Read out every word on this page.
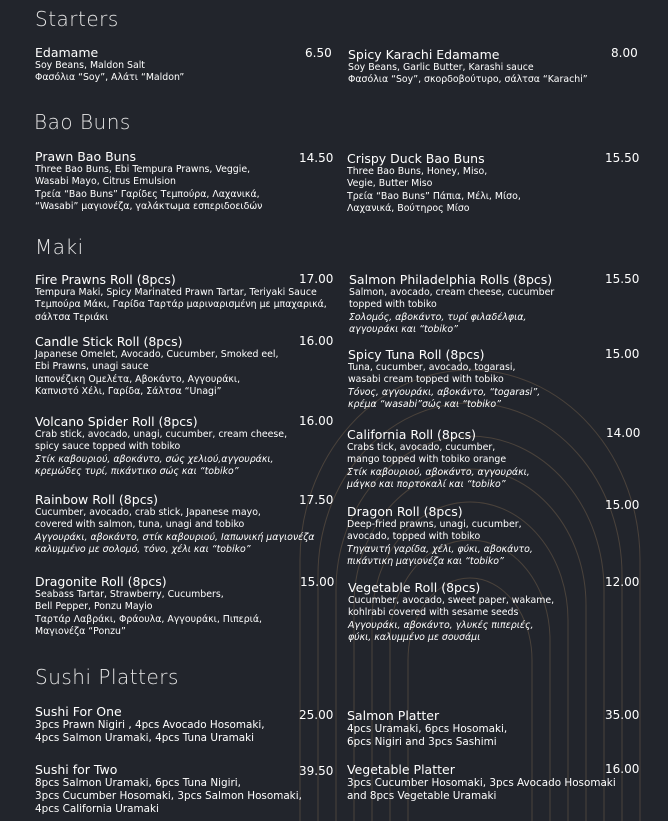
Starters
Bao Buns
Maki
Sushi Platters
Edamame
Soy Beans, Maldon Salt
Φασόλια “Soy”, Αλάτι “Maldon”
6.50 Spicy Karachi Edamame
Soy Beans, Garlic Butter, Karashi sauce
Φασόλια “Soy”, σκορδοβούτυρο, σάλτσα “Karachi”
8.00
Prawn Bao Buns
Three Bao Buns, Ebi Tempura Prawns, Veggie,
Wasabi Mayo, Citrus Emulsion
Τρεία “Bao Buns” Γαρίδες Τεμπούρα, Λαχανικά,
“Wasabi” μαγιονέζα, γαλάκτωμα εσπεριδοειδών
14.50 Crispy Duck Bao Buns
Three Bao Buns, Honey, Miso,
Vegie, Butter Miso
Τρεία “Bao Buns” Πάπια, Μέλι, Μίσο,
Λαχανικά, Βούτηρος Μίσο
15.50
Fire Prawns Roll (8pcs)
Tempura Maki, Spicy Marinated Prawn Tartar, Teriyaki Sauce
Τεμπούρα Μάκι, Γαρίδα Ταρτάρ μαριναρισμένη με μπαχαρικά,
σάλτσα Τεριάκι
17.00
Candle Stick Roll (8pcs)
Japanese Omelet, Avocado, Cucumber, Smoked eel,
Ebi Prawns, unagi sauce
Ιαπονέζικη Ομελέτα, Αβοκάντο, Αγγουράκι,
Καπνιστό Χέλι, Γαρίδα, Σάλτσα “Unagi”
16.00
Volcano Spider Roll (8pcs)
Crab stick, avocado, unagi, cucumber, cream cheese,
spicy sauce topped with tobiko
Στίκ καβουριού, αβοκάντο, σώς χελιού,αγγουράκι,
κρεμώδες τυρί, πικάντικο σώς και “tobiko”
16.00
Rainbow Roll (8pcs)
Cucumber, avocado, crab stick, Japanese mayo,
covered with salmon, tuna, unagi and tobiko
Αγγουράκι, αβοκάντο, στίκ καβουριού, Ιαπωνική μαγιονέζα
καλυμμένο με σολομό, τόνο, χέλι και “tobiko”
17.50
Dragonite Roll (8pcs)
Seabass Tartar, Strawberry, Cucumbers,
Bell Pepper, Ponzu Mayio
Ταρτάρ Λαβράκι, Φράουλα, Αγγουράκι, Πιπεριά,
Μαγιονέζα “Ponzu”
15.00
Salmon Philadelphia Rolls (8pcs)
Salmon, avocado, cream cheese, cucumber
topped with tobiko
Σολομός, αβοκάντο, τυρί φιλαδέλφια,
αγγουράκι και “tobiko”
15.50
Spicy Tuna Roll (8pcs)
Tuna, cucumber, avocado, togarasi,
wasabi cream topped with tobiko
Τόνος, αγγουράκι, αβοκάντο, “togarasi”,
κρέμα “wasabi”σώς και “tobiko”
15.00
California Roll (8pcs)
Crabs tick, avocado, cucumber,
mango topped with tobiko orange
Στίκ καβουριού, αβοκάντο, αγγουράκι,
μάγκο και πορτοκαλί και “tobiko”
14.00
Dragon Roll (8pcs)
Deep-fried prawns, unagi, cucumber,
avocado, topped with tobiko
Τηγανιτή γαρίδα, χέλι, φύκι, αβοκάντο,
πικάντικη μαγιονέζα και “tobiko”
15.00
Vegetable Roll (8pcs)
Cucumber, avocado, sweet paper, wakame,
kohlrabi covered with sesame seeds
Αγγουράκι, αβοκάντο, γλυκές πιπεριές,
φύκι, καλυμμένο με σουσάμι
12.00
Sushi For One
3pcs Prawn Nigiri , 4pcs Avocado Hosomaki,
4pcs Salmon Uramaki, 4pcs Tuna Uramaki
25.00
Sushi for Two
8pcs Salmon Uramaki, 6pcs Tuna Nigiri,
3pcs Cucumber Hosomaki, 3pcs Salmon Hosomaki,
4pcs California Uramaki
39.50
Salmon Platter
4pcs Uramaki, 6pcs Hosomaki,
6pcs Nigiri and 3pcs Sashimi
35.00
Vegetable Platter
3pcs Cucumber Hosomaki, 3pcs Avocado Hosomaki
and 8pcs Vegetable Uramaki
16.00
